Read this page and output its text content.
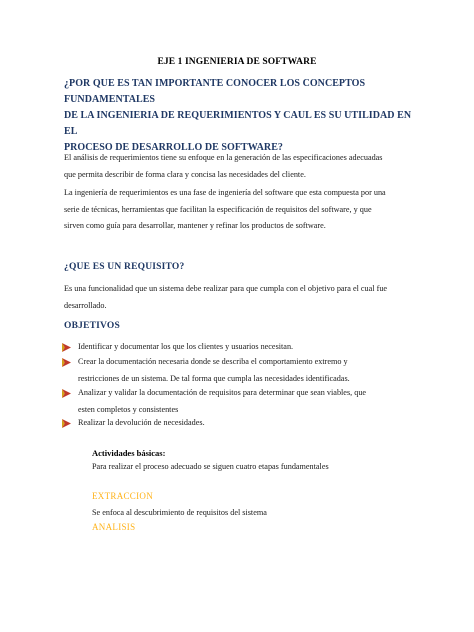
EJE 1 INGENIERIA DE SOFTWARE
¿POR QUE ES TAN IMPORTANTE CONOCER LOS CONCEPTOS FUNDAMENTALES
DE LA INGENIERIA DE REQUERIMIENTOS Y CAUL ES SU UTILIDAD EN EL
PROCESO DE DESARROLLO DE SOFTWARE?
El análisis de requerimientos tiene su enfoque en la generación de las especificaciones adecuadas
que permita describir de forma clara y concisa las necesidades del cliente.
La ingeniería de requerimientos es una fase de ingeniería del software que esta compuesta por una
serie de técnicas, herramientas que facilitan la especificación de requisitos del software, y que
sirven como guía para desarrollar, mantener y refinar los productos de software.
¿QUE ES UN REQUISITO?
Es una funcionalidad que un sistema debe realizar para que cumpla con el objetivo para el cual fue
desarrollado.
OBJETIVOS
Identificar y documentar los que los clientes y usuarios necesitan.
Crear la documentación necesaria donde se describa el comportamiento extremo y
restricciones de un sistema. De tal forma que cumpla las necesidades identificadas.
Analizar y validar la documentación de requisitos para determinar que sean viables, que
esten completos y consistentes
Realizar la devolución de necesidades.
Actividades básicas:
Para realizar el proceso adecuado se siguen cuatro etapas fundamentales
EXTRACCION
Se enfoca al descubrimiento de requisitos del sistema
ANALISIS
